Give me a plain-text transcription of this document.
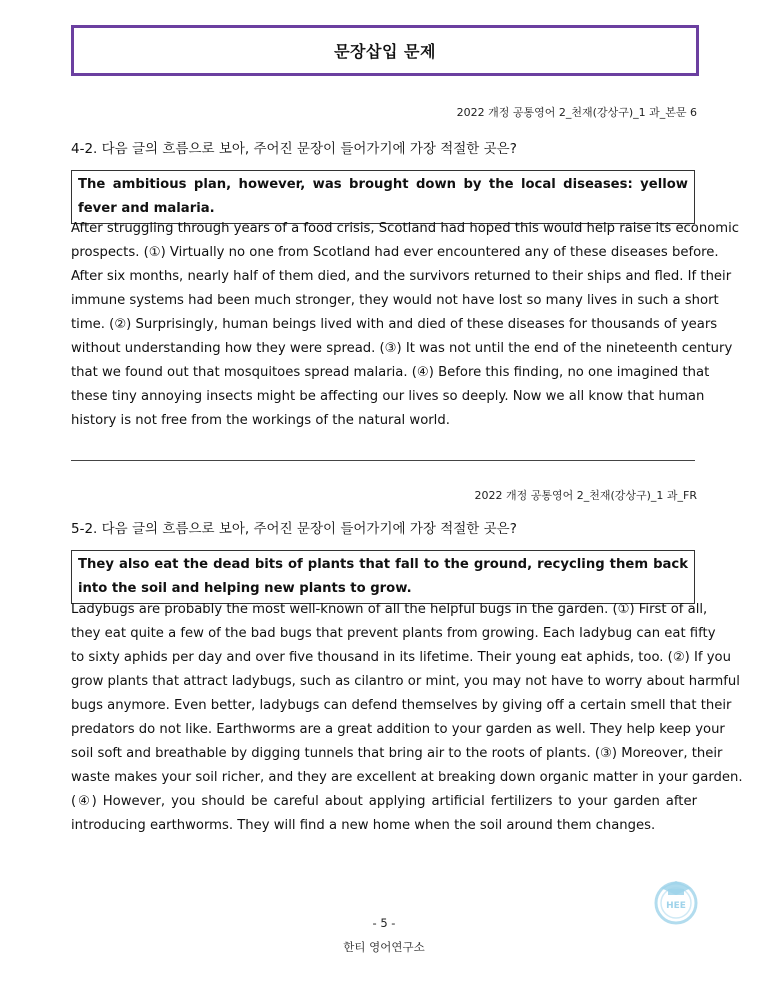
문장삽입 문제
2022 개정 공통영어 2_천재(강상구)_1 과_본문 6
4-2. 다음 글의 흐름으로 보아, 주어진 문장이 들어가기에 가장 적절한 곳은?
The ambitious plan, however, was brought down by the local diseases: yellow fever and malaria.
After struggling through years of a food crisis, Scotland had hoped this would help raise its economic
prospects. (①) Virtually no one from Scotland had ever encountered any of these diseases before.
After six months, nearly half of them died, and the survivors returned to their ships and fled. If their
immune systems had been much stronger, they would not have lost so many lives in such a short
time. (②) Surprisingly, human beings lived with and died of these diseases for thousands of years
without understanding how they were spread. (③) It was not until the end of the nineteenth century
that we found out that mosquitoes spread malaria. (④) Before this finding, no one imagined that
these tiny annoying insects might be affecting our lives so deeply. Now we all know that human
history is not free from the workings of the natural world.
2022 개정 공통영어 2_천재(강상구)_1 과_FR
5-2. 다음 글의 흐름으로 보아, 주어진 문장이 들어가기에 가장 적절한 곳은?
They also eat the dead bits of plants that fall to the ground, recycling them back into the soil and helping new plants to grow.
Ladybugs are probably the most well-known of all the helpful bugs in the garden. (①) First of all,
they eat quite a few of the bad bugs that prevent plants from growing. Each ladybug can eat fifty
to sixty aphids per day and over five thousand in its lifetime. Their young eat aphids, too. (②) If you
grow plants that attract ladybugs, such as cilantro or mint, you may not have to worry about harmful
bugs anymore. Even better, ladybugs can defend themselves by giving off a certain smell that their
predators do not like. Earthworms are a great addition to your garden as well. They help keep your
soil soft and breathable by digging tunnels that bring air to the roots of plants. (③) Moreover, their
waste makes your soil richer, and they are excellent at breaking down organic matter in your garden.
(④) However, you should be careful about applying artificial fertilizers to your garden after
introducing earthworms. They will find a new home when the soil around them changes.
HEE
- 5 -
한티 영어연구소
